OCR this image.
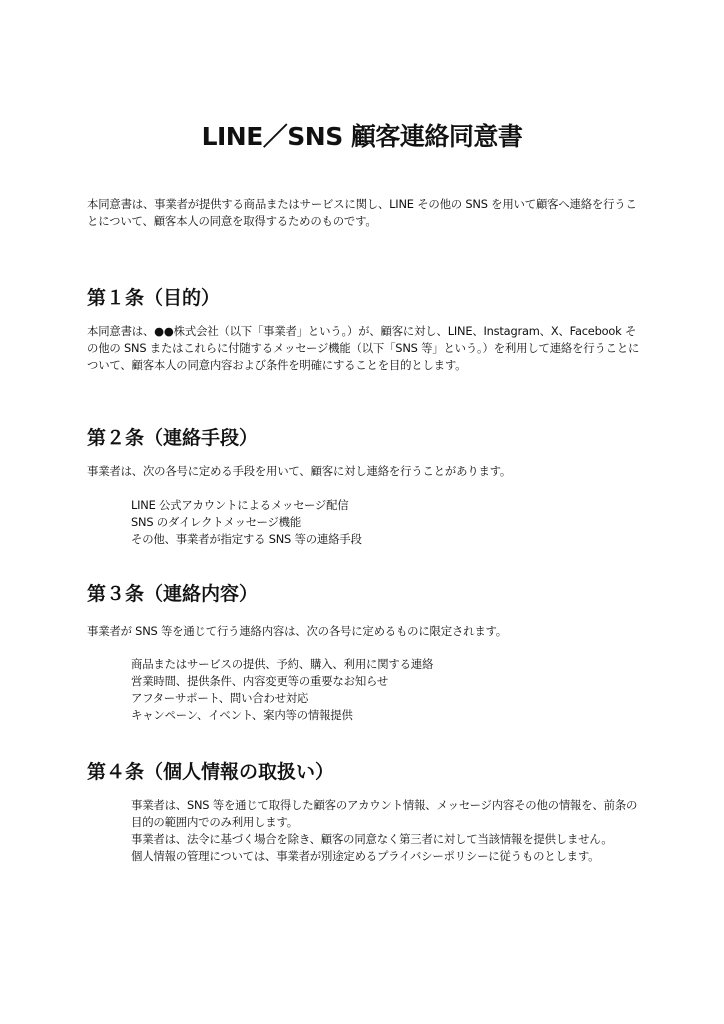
LINE／SNS 顧客連絡同意書

本同意書は、事業者が提供する商品またはサービスに関し、LINE その他の SNS を用いて顧客へ連絡を行うことについて、顧客本人の同意を取得するためのものです。

第１条（目的）

本同意書は、●●株式会社（以下「事業者」という。）が、顧客に対し、LINE、Instagram、X、Facebook その他の SNS またはこれらに付随するメッセージ機能（以下「SNS 等」という。）を利用して連絡を行うことについて、顧客本人の同意内容および条件を明確にすることを目的とします。

第２条（連絡手段）

事業者は、次の各号に定める手段を用いて、顧客に対し連絡を行うことがあります。

LINE 公式アカウントによるメッセージ配信
SNS のダイレクトメッセージ機能
その他、事業者が指定する SNS 等の連絡手段
第３条（連絡内容）

事業者が SNS 等を通じて行う連絡内容は、次の各号に定めるものに限定されます。

商品またはサービスの提供、予約、購入、利用に関する連絡
営業時間、提供条件、内容変更等の重要なお知らせ
アフターサポート、問い合わせ対応
キャンペーン、イベント、案内等の情報提供
第４条（個人情報の取扱い）
事業者は、SNS 等を通じて取得した顧客のアカウント情報、メッセージ内容その他の情報を、前条の目的の範囲内でのみ利用します。
事業者は、法令に基づく場合を除き、顧客の同意なく第三者に対して当該情報を提供しません。
個人情報の管理については、事業者が別途定めるプライバシーポリシーに従うものとします。
